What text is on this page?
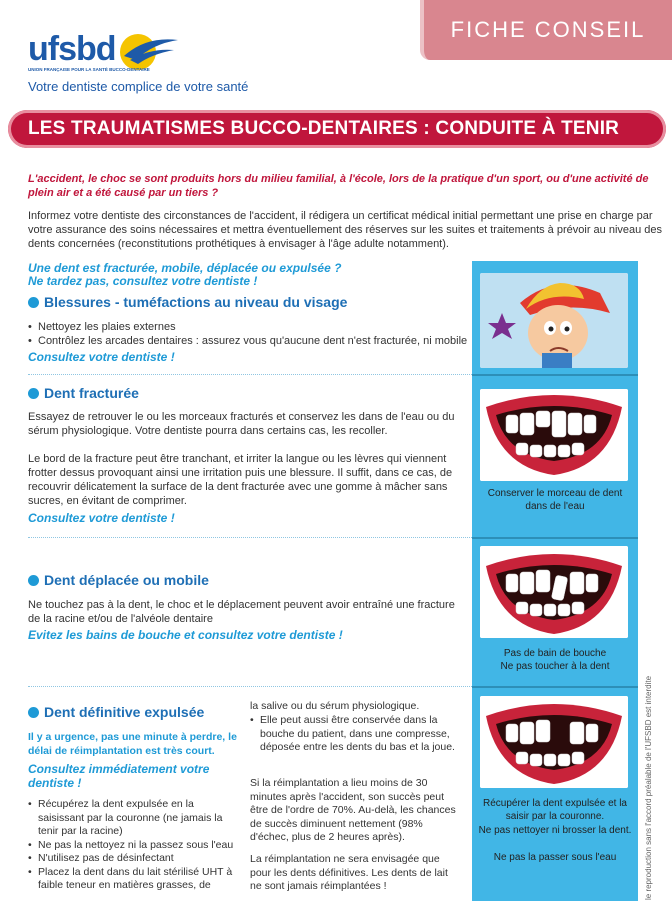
ufsbd
UNION FRANÇAISE POUR LA SANTÉ BUCCO-DENTAIRE
Votre dentiste complice de votre santé
FICHE CONSEIL
LES TRAUMATISMES BUCCO-DENTAIRES : CONDUITE À TENIR
L'accident, le choc se sont produits hors du milieu familial, à l'école, lors de la pratique d'un sport, ou d'une activité de plein air et a été causé par un tiers ?
Informez votre dentiste des circonstances de l'accident, il rédigera un certificat médical initial permettant une prise en charge par votre assurance des soins nécessaires et mettra éventuellement des réserves sur les suites et traitements à prévoir au niveau des dents concernées (reconstitutions prothétiques à envisager à l'âge adulte notamment).
Conserver le morceau de dent dans de l'eau
Pas de bain de bouche
Ne pas toucher à la dent
Récupérer la dent expulsée et la saisir par la couronne.
Ne pas nettoyer ni brosser la dent.
Ne pas la passer sous l'eau
Une dent est fracturée, mobile, déplacée ou expulsée ?
Ne tardez pas, consultez votre dentiste !
Blessures - tuméfactions au niveau du visage
• Nettoyez les plaies externes
• Contrôlez les arcades dentaires : assurez vous qu'aucune dent n'est fracturée, ni mobile
Consultez votre dentiste !
Dent fracturée
Essayez de retrouver le ou les morceaux fracturés et conservez les dans de l'eau ou du sérum physiologique. Votre dentiste pourra dans certains cas, les recoller.
Le bord de la fracture peut être tranchant, et irriter la langue ou les lèvres qui viennent frotter dessus provoquant ainsi une irritation puis une blessure. Il suffit, dans ce cas, de recouvrir délicatement la surface de la dent fracturée avec une gomme à mâcher sans sucres, en évitant de comprimer.
Consultez votre dentiste !
Dent déplacée ou mobile
Ne touchez pas à la dent, le choc et le déplacement peuvent avoir entraîné une fracture de la racine et/ou de l'alvéole dentaire
Evitez les bains de bouche et consultez votre dentiste !
Dent définitive expulsée
Il y a urgence, pas une minute à perdre, le délai de réimplantation est très court.
Consultez immédiatement votre dentiste !
• Récupérez la dent expulsée en la saisissant par la couronne (ne jamais la tenir par la racine)
• Ne pas la nettoyez ni la passez sous l'eau
• N'utilisez pas de désinfectant
• Placez la dent dans du lait stérilisé UHT à faible teneur en matières grasses, de
la salive ou du sérum physiologique.
• Elle peut aussi être conservée dans la bouche du patient, dans une compresse, déposée entre les dents du bas et la joue.
Si la réimplantation a lieu moins de 30 minutes après l'accident, son succès peut être de l'ordre de 70%. Au-delà, les chances de succès diminuent nettement (98% d'échec, plus de 2 heures après).
La réimplantation ne sera envisagée que pour les dents définitives. Les dents de lait ne sont jamais réimplantées !	le reproduction sans l'accord préalable de l'UFSBD est interdite
